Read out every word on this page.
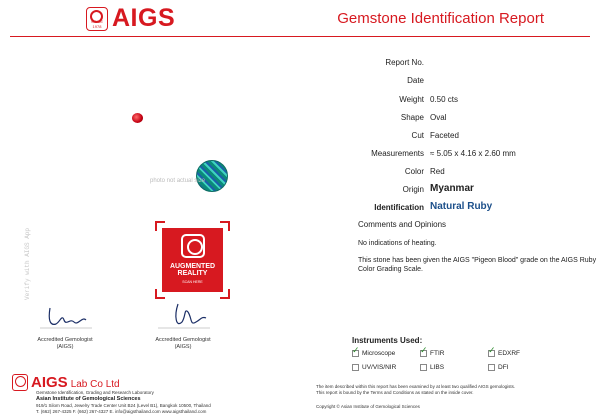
SINCE 1978 AIGS	Gemstone Identification Report
photo not actual size
Verify with AIGS App	AUGMENTED
REALITY
SCAN HERE
Accredited Gemologist
(AIGS)
Accredited Gemologist
(AIGS)
Report No.
Date
Weight 0.50 cts
Shape Oval
Cut Faceted
Measurements ≈ 5.05 x 4.16 x 2.60 mm
Color Red
Origin Myanmar
Identification Natural Ruby
Comments and Opinions
No indications of heating.
This stone has been given the AIGS "Pigeon Blood" grade on the AIGS Ruby Color Grading Scale.
Instruments Used:
✓
Microscope ✓	FTIR ✓	EDXRF
UV/VIS/NIR	LIBS	DFI
AIGS Lab Co Ltd
Gemstone Identification, Grading and Research Laboratory
Asian Institute of Gemological Sciences
919/1 Silom Road, Jewelry Trade Center Unit B24 (Level B1), Bangkok 10500, Thailand
T. (662) 267-4325 F. (662) 267-4327 E. info@aigsthailand.com www.aigsthailand.com
The item described within this report has been examined by at least two qualified AIGS gemologists.
This report is bound by the Terms and Conditions as stated on the inside cover.
Copyright © Asian Institute of Gemological Sciences
